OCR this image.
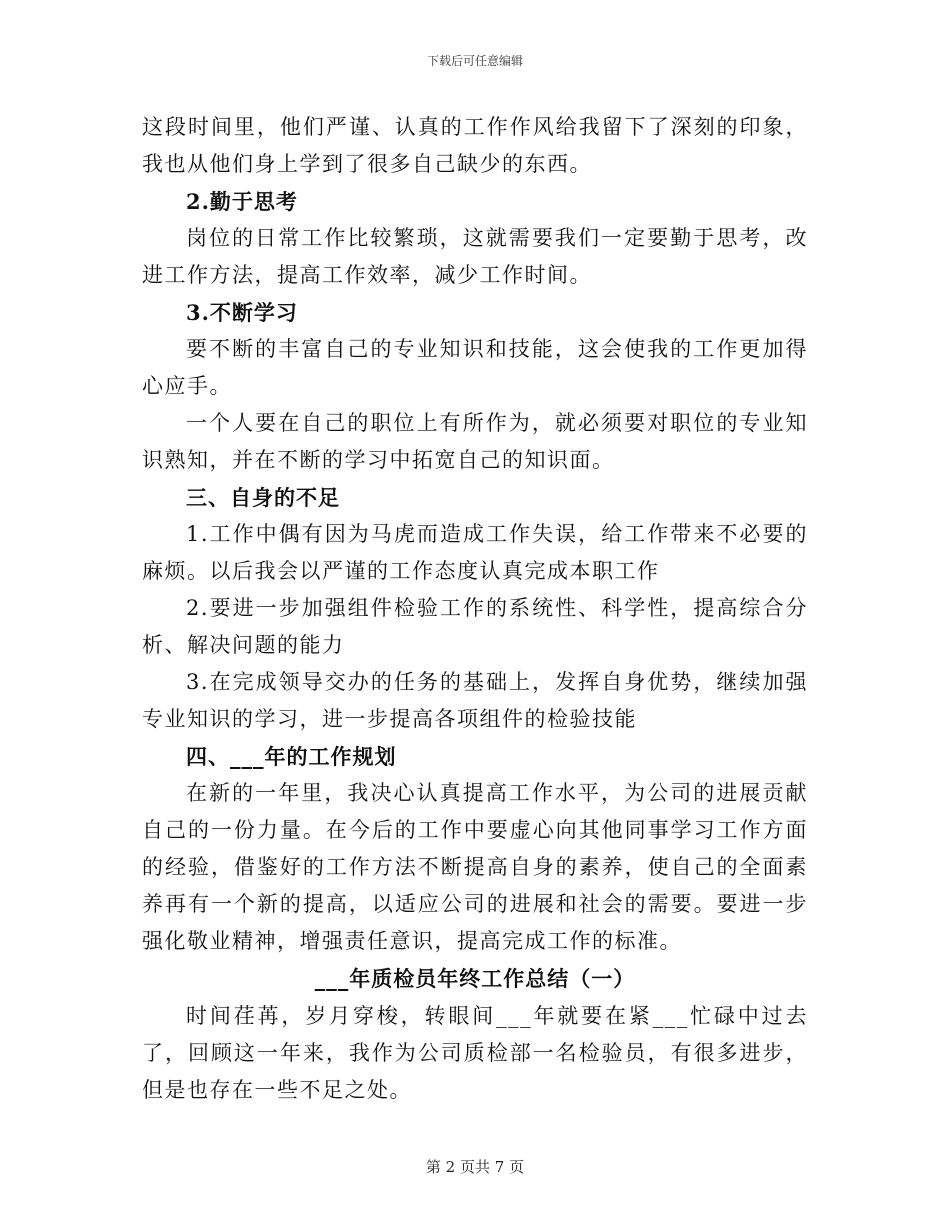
下载后可任意编辑

这段时间里，他们严谨、认真的工作作风给我留下了深刻的印象，我也从他们身上学到了很多自己缺少的东西。

2.勤于思考

岗位的日常工作比较繁琐，这就需要我们一定要勤于思考，改进工作方法，提高工作效率，减少工作时间。

3.不断学习

要不断的丰富自己的专业知识和技能，这会使我的工作更加得心应手。

一个人要在自己的职位上有所作为，就必须要对职位的专业知识熟知，并在不断的学习中拓宽自己的知识面。

三、自身的不足

1.工作中偶有因为马虎而造成工作失误，给工作带来不必要的麻烦。以后我会以严谨的工作态度认真完成本职工作

2.要进一步加强组件检验工作的系统性、科学性，提高综合分析、解决问题的能力

3.在完成领导交办的任务的基础上，发挥自身优势，继续加强专业知识的学习，进一步提高各项组件的检验技能

四、___年的工作规划

在新的一年里，我决心认真提高工作水平，为公司的进展贡献自己的一份力量。在今后的工作中要虚心向其他同事学习工作方面的经验，借鉴好的工作方法不断提高自身的素养，使自己的全面素养再有一个新的提高，以适应公司的进展和社会的需要。要进一步强化敬业精神，增强责任意识，提高完成工作的标准。

___年质检员年终工作总结（一）

时间荏苒，岁月穿梭，转眼间___年就要在紧___忙碌中过去了，回顾这一年来，我作为公司质检部一名检验员，有很多进步，但是也存在一些不足之处。

第 2 页共 7 页
